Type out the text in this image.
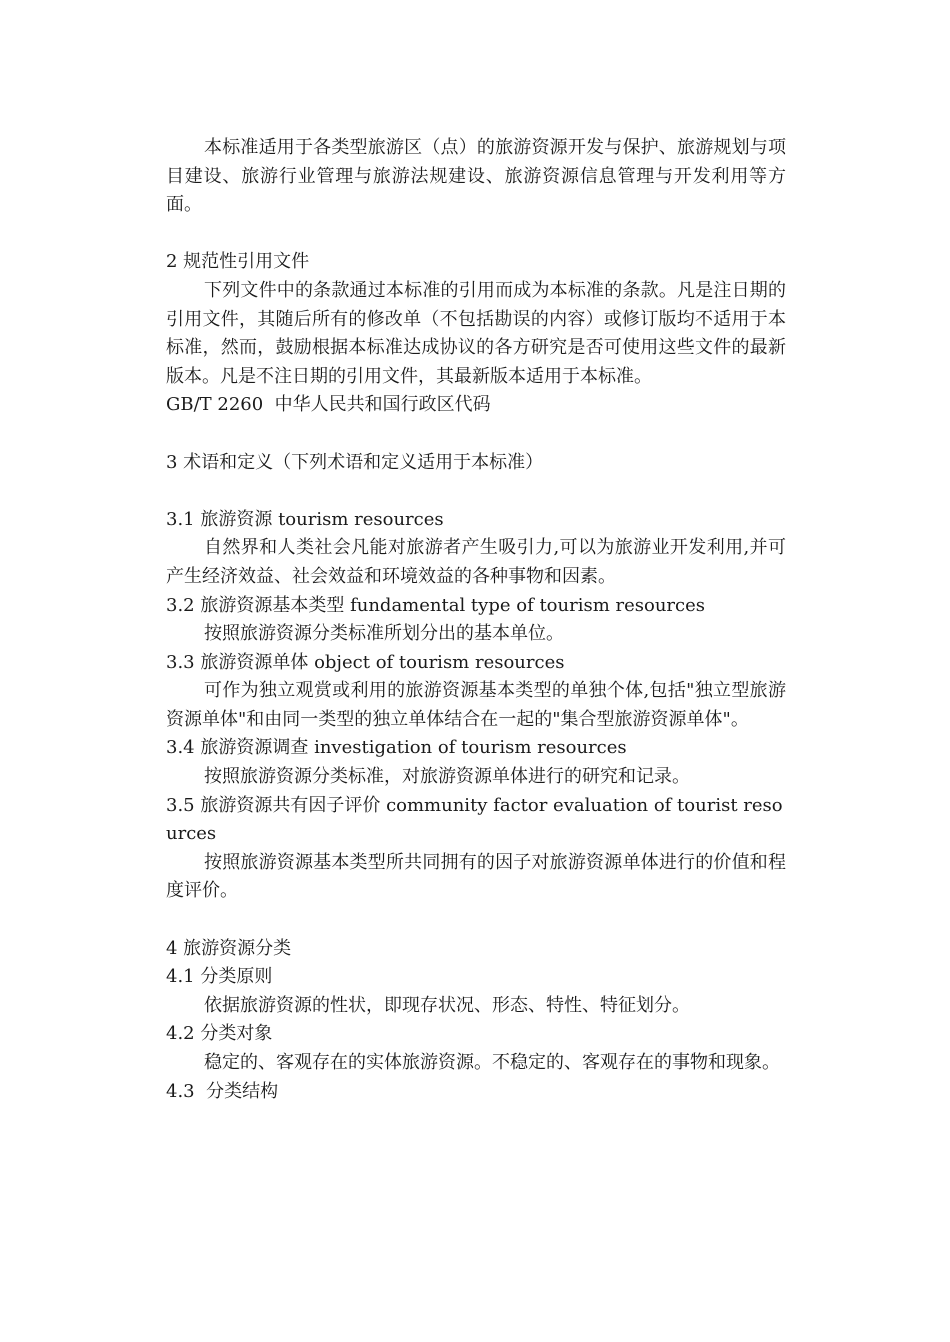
本标准适用于各类型旅游区（点）的旅游资源开发与保护、旅游规划与项目建设、旅游行业管理与旅游法规建设、旅游资源信息管理与开发利用等方面。

2 规范性引用文件

下列文件中的条款通过本标准的引用而成为本标准的条款。凡是注日期的引用文件，其随后所有的修改单（不包括勘误的内容）或修订版均不适用于本标准，然而，鼓励根据本标准达成协议的各方研究是否可使用这些文件的最新版本。凡是不注日期的引用文件，其最新版本适用于本标准。

GB/T 2260  中华人民共和国行政区代码

3 术语和定义（下列术语和定义适用于本标准）

3.1 旅游资源 tourism resources

自然界和人类社会凡能对旅游者产生吸引力,可以为旅游业开发利用,并可产生经济效益、社会效益和环境效益的各种事物和因素。

3.2 旅游资源基本类型 fundamental type of tourism resources

按照旅游资源分类标准所划分出的基本单位。

3.3 旅游资源单体 object of tourism resources

可作为独立观赏或利用的旅游资源基本类型的单独个体,包括"独立型旅游资源单体"和由同一类型的独立单体结合在一起的"集合型旅游资源单体"。

3.4 旅游资源调查 investigation of tourism resources

按照旅游资源分类标准，对旅游资源单体进行的研究和记录。

3.5 旅游资源共有因子评价 community factor evaluation of tourist resources

按照旅游资源基本类型所共同拥有的因子对旅游资源单体进行的价值和程度评价。

4 旅游资源分类

4.1 分类原则

依据旅游资源的性状，即现存状况、形态、特性、特征划分。

4.2 分类对象

稳定的、客观存在的实体旅游资源。不稳定的、客观存在的事物和现象。

4.3  分类结构
